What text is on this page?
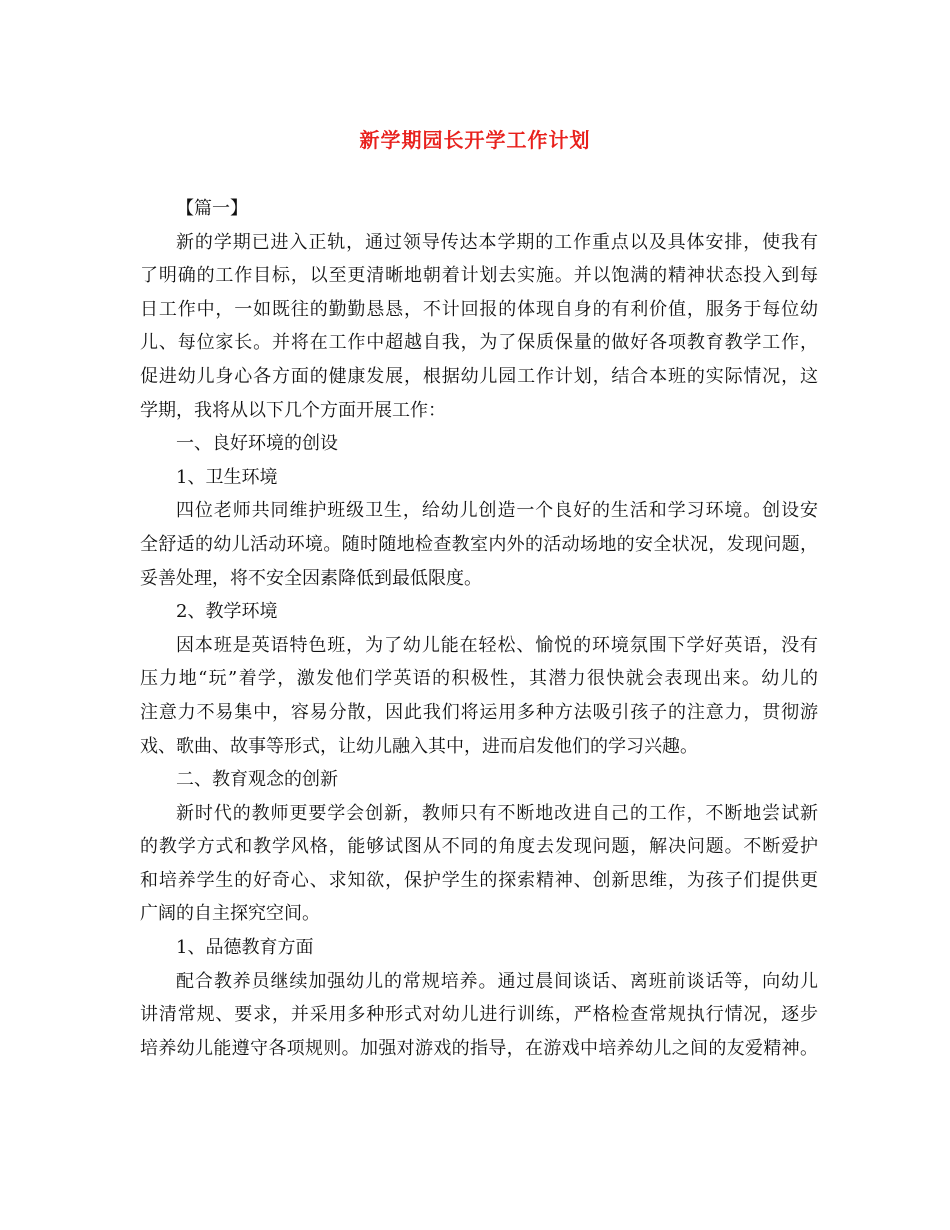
新学期园长开学工作计划
【篇一】
新的学期已进入正轨，通过领导传达本学期的工作重点以及具体安排，使我有
了明确的工作目标，以至更清晰地朝着计划去实施。并以饱满的精神状态投入到每
日工作中，一如既往的勤勤恳恳，不计回报的体现自身的有利价值，服务于每位幼
儿、每位家长。并将在工作中超越自我，为了保质保量的做好各项教育教学工作，
促进幼儿身心各方面的健康发展，根据幼儿园工作计划，结合本班的实际情况，这
学期，我将从以下几个方面开展工作：
一、良好环境的创设
1、卫生环境
四位老师共同维护班级卫生，给幼儿创造一个良好的生活和学习环境。创设安
全舒适的幼儿活动环境。随时随地检查教室内外的活动场地的安全状况，发现问题，
妥善处理，将不安全因素降低到最低限度。
2、教学环境
因本班是英语特色班，为了幼儿能在轻松、愉悦的环境氛围下学好英语，没有
压力地“玩”着学，激发他们学英语的积极性，其潜力很快就会表现出来。幼儿的
注意力不易集中，容易分散，因此我们将运用多种方法吸引孩子的注意力，贯彻游
戏、歌曲、故事等形式，让幼儿融入其中，进而启发他们的学习兴趣。
二、教育观念的创新
新时代的教师更要学会创新，教师只有不断地改进自己的工作，不断地尝试新
的教学方式和教学风格，能够试图从不同的角度去发现问题，解决问题。不断爱护
和培养学生的好奇心、求知欲，保护学生的探索精神、创新思维，为孩子们提供更
广阔的自主探究空间。
1、品德教育方面
配合教养员继续加强幼儿的常规培养。通过晨间谈话、离班前谈话等，向幼儿
讲清常规、要求，并采用多种形式对幼儿进行训练，严格检查常规执行情况，逐步
培养幼儿能遵守各项规则。加强对游戏的指导，在游戏中培养幼儿之间的友爱精神。
